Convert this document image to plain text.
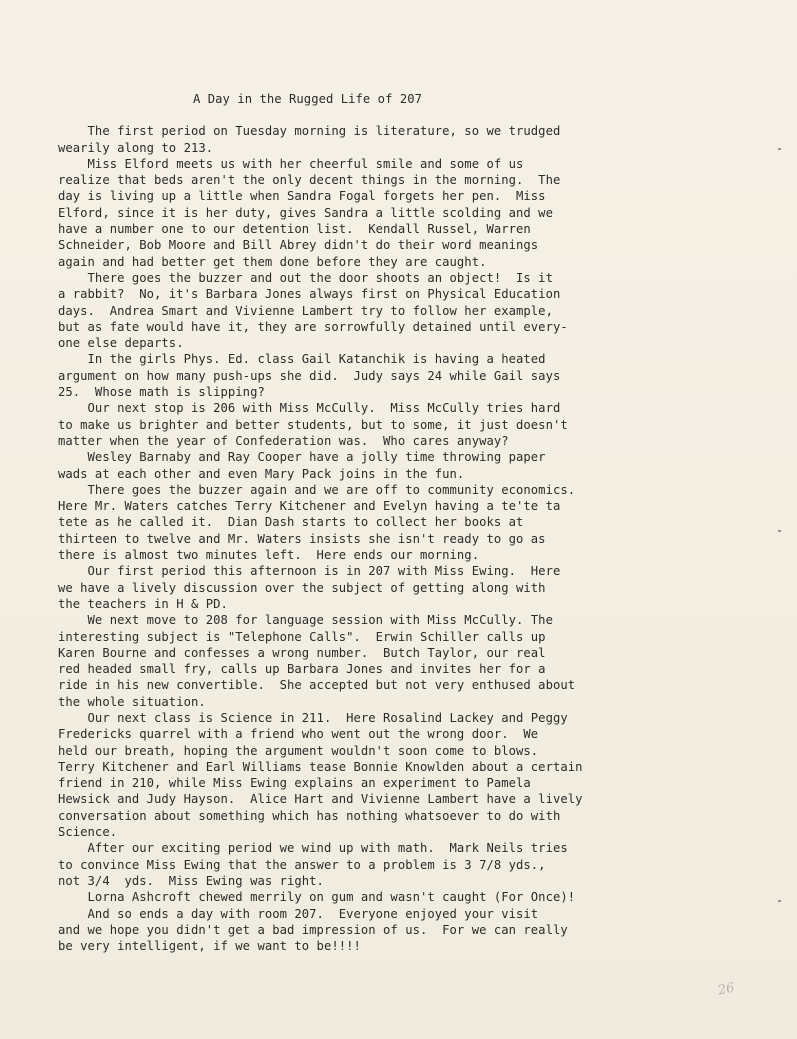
A Day in the Rugged Life of 207
The first period on Tuesday morning is literature, so we trudged
wearily along to 213.
Miss Elford meets us with her cheerful smile and some of us
realize that beds aren't the only decent things in the morning.  The
day is living up a little when Sandra Fogal forgets her pen.  Miss
Elford, since it is her duty, gives Sandra a little scolding and we
have a number one to our detention list.  Kendall Russel, Warren
Schneider, Bob Moore and Bill Abrey didn't do their word meanings
again and had better get them done before they are caught.
There goes the buzzer and out the door shoots an object!  Is it
a rabbit?  No, it's Barbara Jones always first on Physical Education
days.  Andrea Smart and Vivienne Lambert try to follow her example,
but as fate would have it, they are sorrowfully detained until every-
one else departs.
In the girls Phys. Ed. class Gail Katanchik is having a heated
argument on how many push-ups she did.  Judy says 24 while Gail says
25.  Whose math is slipping?
Our next stop is 206 with Miss McCully.  Miss McCully tries hard
to make us brighter and better students, but to some, it just doesn't
matter when the year of Confederation was.  Who cares anyway?
Wesley Barnaby and Ray Cooper have a jolly time throwing paper
wads at each other and even Mary Pack joins in the fun.
There goes the buzzer again and we are off to community economics.
Here Mr. Waters catches Terry Kitchener and Evelyn having a te'te ta
tete as he called it.  Dian Dash starts to collect her books at
thirteen to twelve and Mr. Waters insists she isn't ready to go as
there is almost two minutes left.  Here ends our morning.
Our first period this afternoon is in 207 with Miss Ewing.  Here
we have a lively discussion over the subject of getting along with
the teachers in H & PD.
We next move to 208 for language session with Miss McCully. The
interesting subject is "Telephone Calls".  Erwin Schiller calls up
Karen Bourne and confesses a wrong number.  Butch Taylor, our real
red headed small fry, calls up Barbara Jones and invites her for a
ride in his new convertible.  She accepted but not very enthused about
the whole situation.
Our next class is Science in 211.  Here Rosalind Lackey and Peggy
Fredericks quarrel with a friend who went out the wrong door.  We
held our breath, hoping the argument wouldn't soon come to blows.
Terry Kitchener and Earl Williams tease Bonnie Knowlden about a certain
friend in 210, while Miss Ewing explains an experiment to Pamela
Hewsick and Judy Hayson.  Alice Hart and Vivienne Lambert have a lively
conversation about something which has nothing whatsoever to do with
Science.
After our exciting period we wind up with math.  Mark Neils tries
to convince Miss Ewing that the answer to a problem is 3 7/8 yds.,
not 3/4  yds.  Miss Ewing was right.
Lorna Ashcroft chewed merrily on gum and wasn't caught (For Once)!
And so ends a day with room 207.  Everyone enjoyed your visit
and we hope you didn't get a bad impression of us.  For we can really
be very intelligent, if we want to be!!!!
26
